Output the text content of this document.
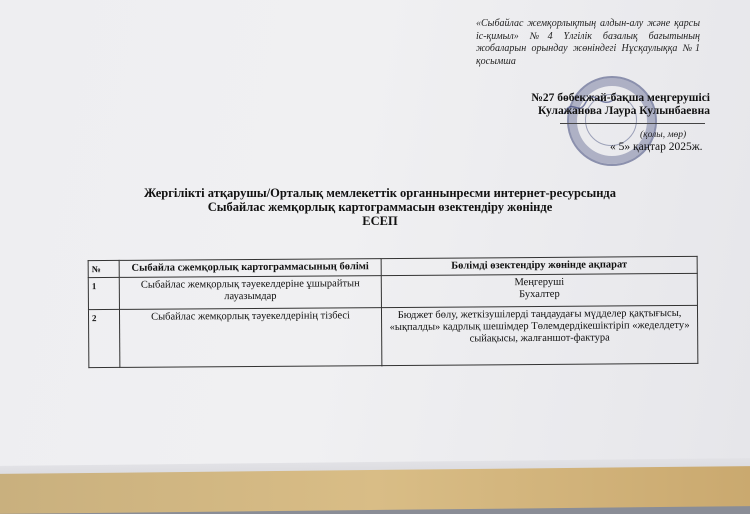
«Сыбайлас жемқорлықтың алдын-алу және қарсы іс-қимыл» №4 Үлгілік базалық бағытының жобаларын орындау жөніндегі Нұсқаулыққа №1 қосымша
№27 бөбекжай-бақша меңгерушісі
Кулажанова Лаура Кулынбаевна
(қолы, мөр)
« 5» қаңтар 2025ж.
Жергілікті атқарушы/Орталық мемлекеттік органнынресми интернет-ресурсында
Сыбайлас жемқорлық картограммасын өзектендіру жөнінде
ЕСЕП
№	Сыбайла сжемқорлық картограммасының бөлімі	Бөлімді өзектендіру жөнінде ақпарат
1	Сыбайлас жемқорлық тәуекелдеріне ұшырайтын лауазымдар	Меңгеруші
Бухалтер

2	Сыбайлас жемқорлық тәуекелдерінің тізбесі	Бюджет бөлу, жеткізушілерді таңдаудағы мүдделер қақтығысы, «ықпалды» кадрлық шешімдер Төлемдердікешіктіріп «жеделдету» сыйақысы, жалғаншот-фактура
